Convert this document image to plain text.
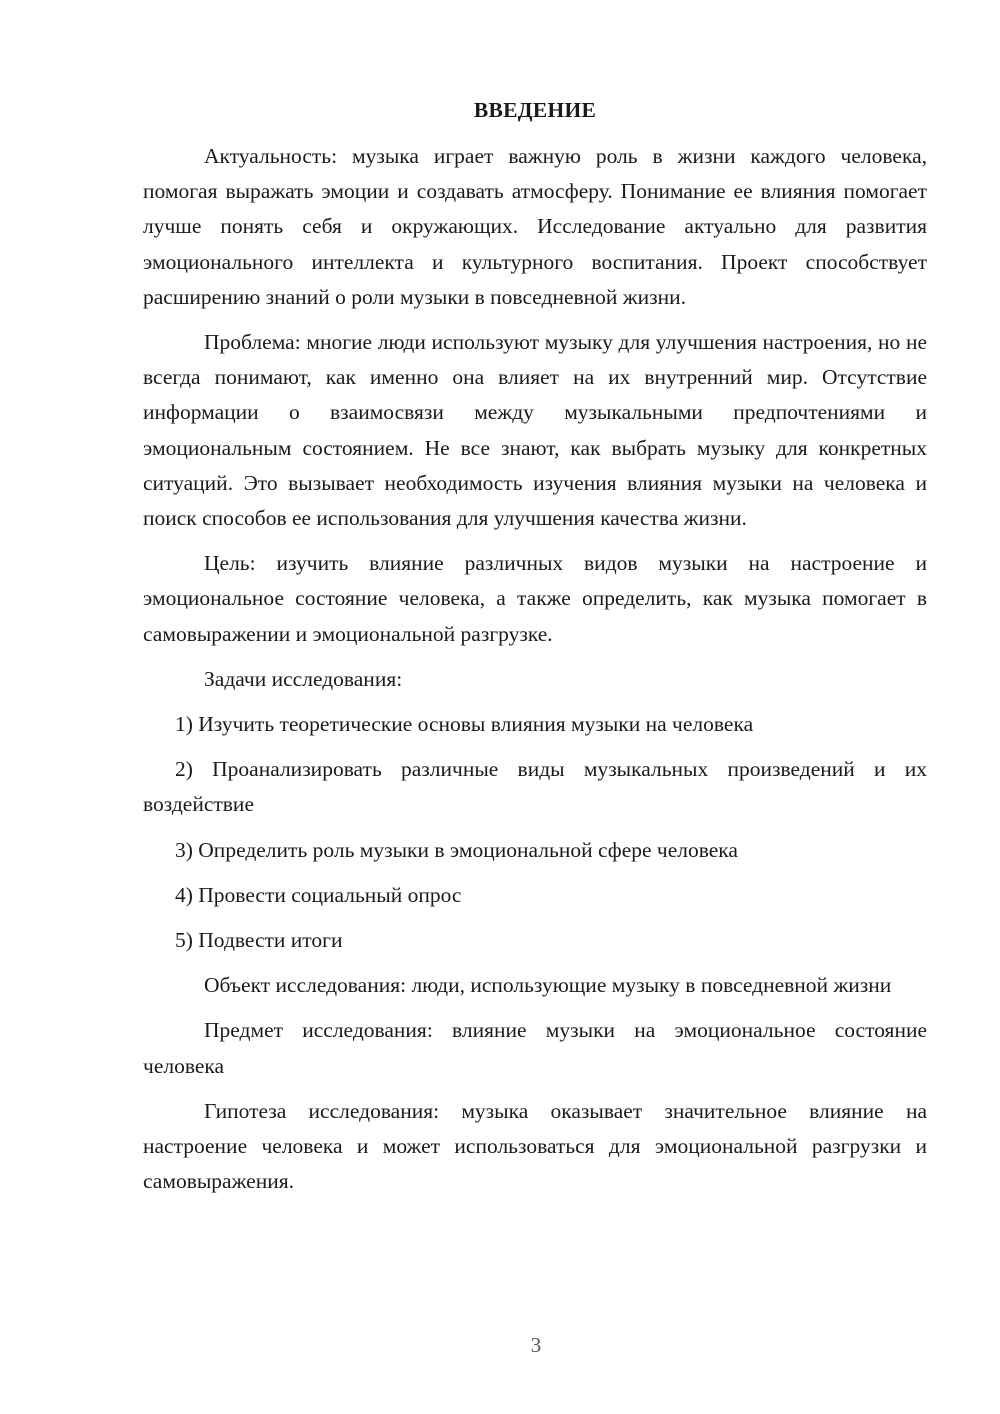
ВВЕДЕНИЕ

Актуальность: музыка играет важную роль в жизни каждого человека, помогая выражать эмоции и создавать атмосферу. Понимание ее влияния помогает лучше понять себя и окружающих. Исследование актуально для развития эмоционального интеллекта и культурного воспитания. Проект способствует расширению знаний о роли музыки в повседневной жизни.

Проблема: многие люди используют музыку для улучшения настроения, но не всегда понимают, как именно она влияет на их внутренний мир. Отсутствие информации о взаимосвязи между музыкальными предпочтениями и эмоциональным состоянием. Не все знают, как выбрать музыку для конкретных ситуаций. Это вызывает необходимость изучения влияния музыки на человека и поиск способов ее использования для улучшения качества жизни.

Цель: изучить влияние различных видов музыки на настроение и эмоциональное состояние человека, а также определить, как музыка помогает в самовыражении и эмоциональной разгрузке.

Задачи исследования:

1) Изучить теоретические основы влияния музыки на человека

2) Проанализировать различные виды музыкальных произведений и их воздействие

3) Определить роль музыки в эмоциональной сфере человека

4) Провести социальный опрос

5) Подвести итоги

Объект исследования: люди, использующие музыку в повседневной жизни

Предмет исследования: влияние музыки на эмоциональное состояние человека

Гипотеза исследования: музыка оказывает значительное влияние на настроение человека и может использоваться для эмоциональной разгрузки и самовыражения.

3
